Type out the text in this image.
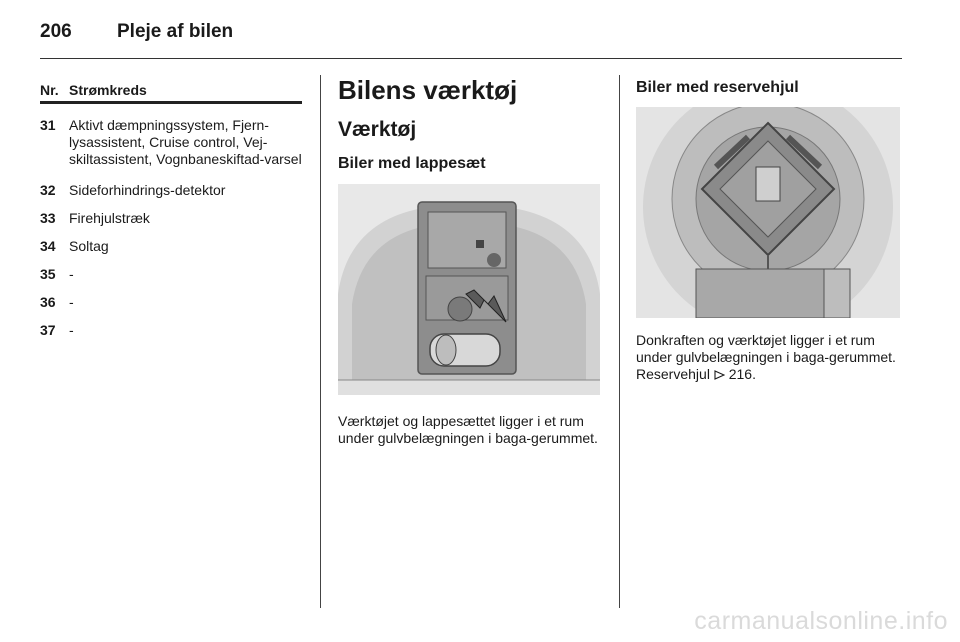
206 Pleje af bilen
Nr. Strømkreds
31 Aktivt dæmpningssystem, Fjern-lysassistent, Cruise control, Vej-skiltassistent, Vognbaneskiftad-varsel
32 Sideforhindrings-detektor
33 Firehjulstræk
34 Soltag
35 -
36 -
37 -
Bilens værktøj
Værktøj
Biler med lappesæt

Værktøjet og lappesættet ligger i et rum under gulvbelægningen i baga-gerummet.

Biler med reservehjul

Donkraften og værktøjet ligger i et rum under gulvbelægningen i baga-gerummet. Reservehjul 216.

carmanualsonline.info
